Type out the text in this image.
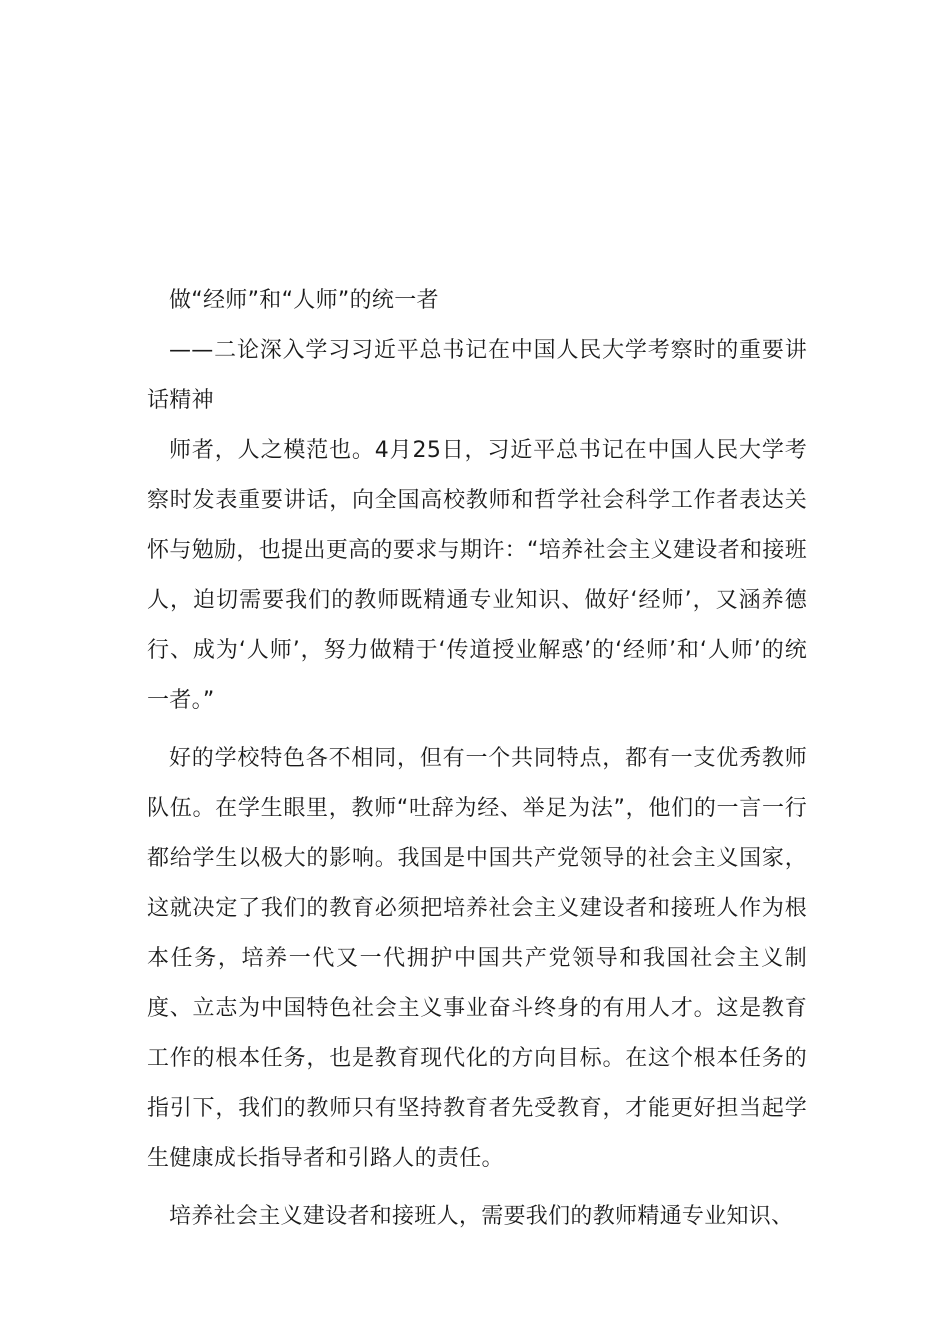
做“经师”和“人师”的统一者

——二论深入学习习近平总书记在中国人民大学考察时的重要讲话精神

师者，人之模范也。4月25日，习近平总书记在中国人民大学考察时发表重要讲话，向全国高校教师和哲学社会科学工作者表达关怀与勉励，也提出更高的要求与期许：“培养社会主义建设者和接班人，迫切需要我们的教师既精通专业知识、做好‘经师’，又涵养德行、成为‘人师’，努力做精于‘传道授业解惑’的‘经师’和‘人师’的统一者。”

好的学校特色各不相同，但有一个共同特点，都有一支优秀教师队伍。在学生眼里，教师“吐辞为经、举足为法”，他们的一言一行都给学生以极大的影响。我国是中国共产党领导的社会主义国家，这就决定了我们的教育必须把培养社会主义建设者和接班人作为根本任务，培养一代又一代拥护中国共产党领导和我国社会主义制度、立志为中国特色社会主义事业奋斗终身的有用人才。这是教育工作的根本任务，也是教育现代化的方向目标。在这个根本任务的指引下，我们的教师只有坚持教育者先受教育，才能更好担当起学生健康成长指导者和引路人的责任。

培养社会主义建设者和接班人，需要我们的教师精通专业知识、
